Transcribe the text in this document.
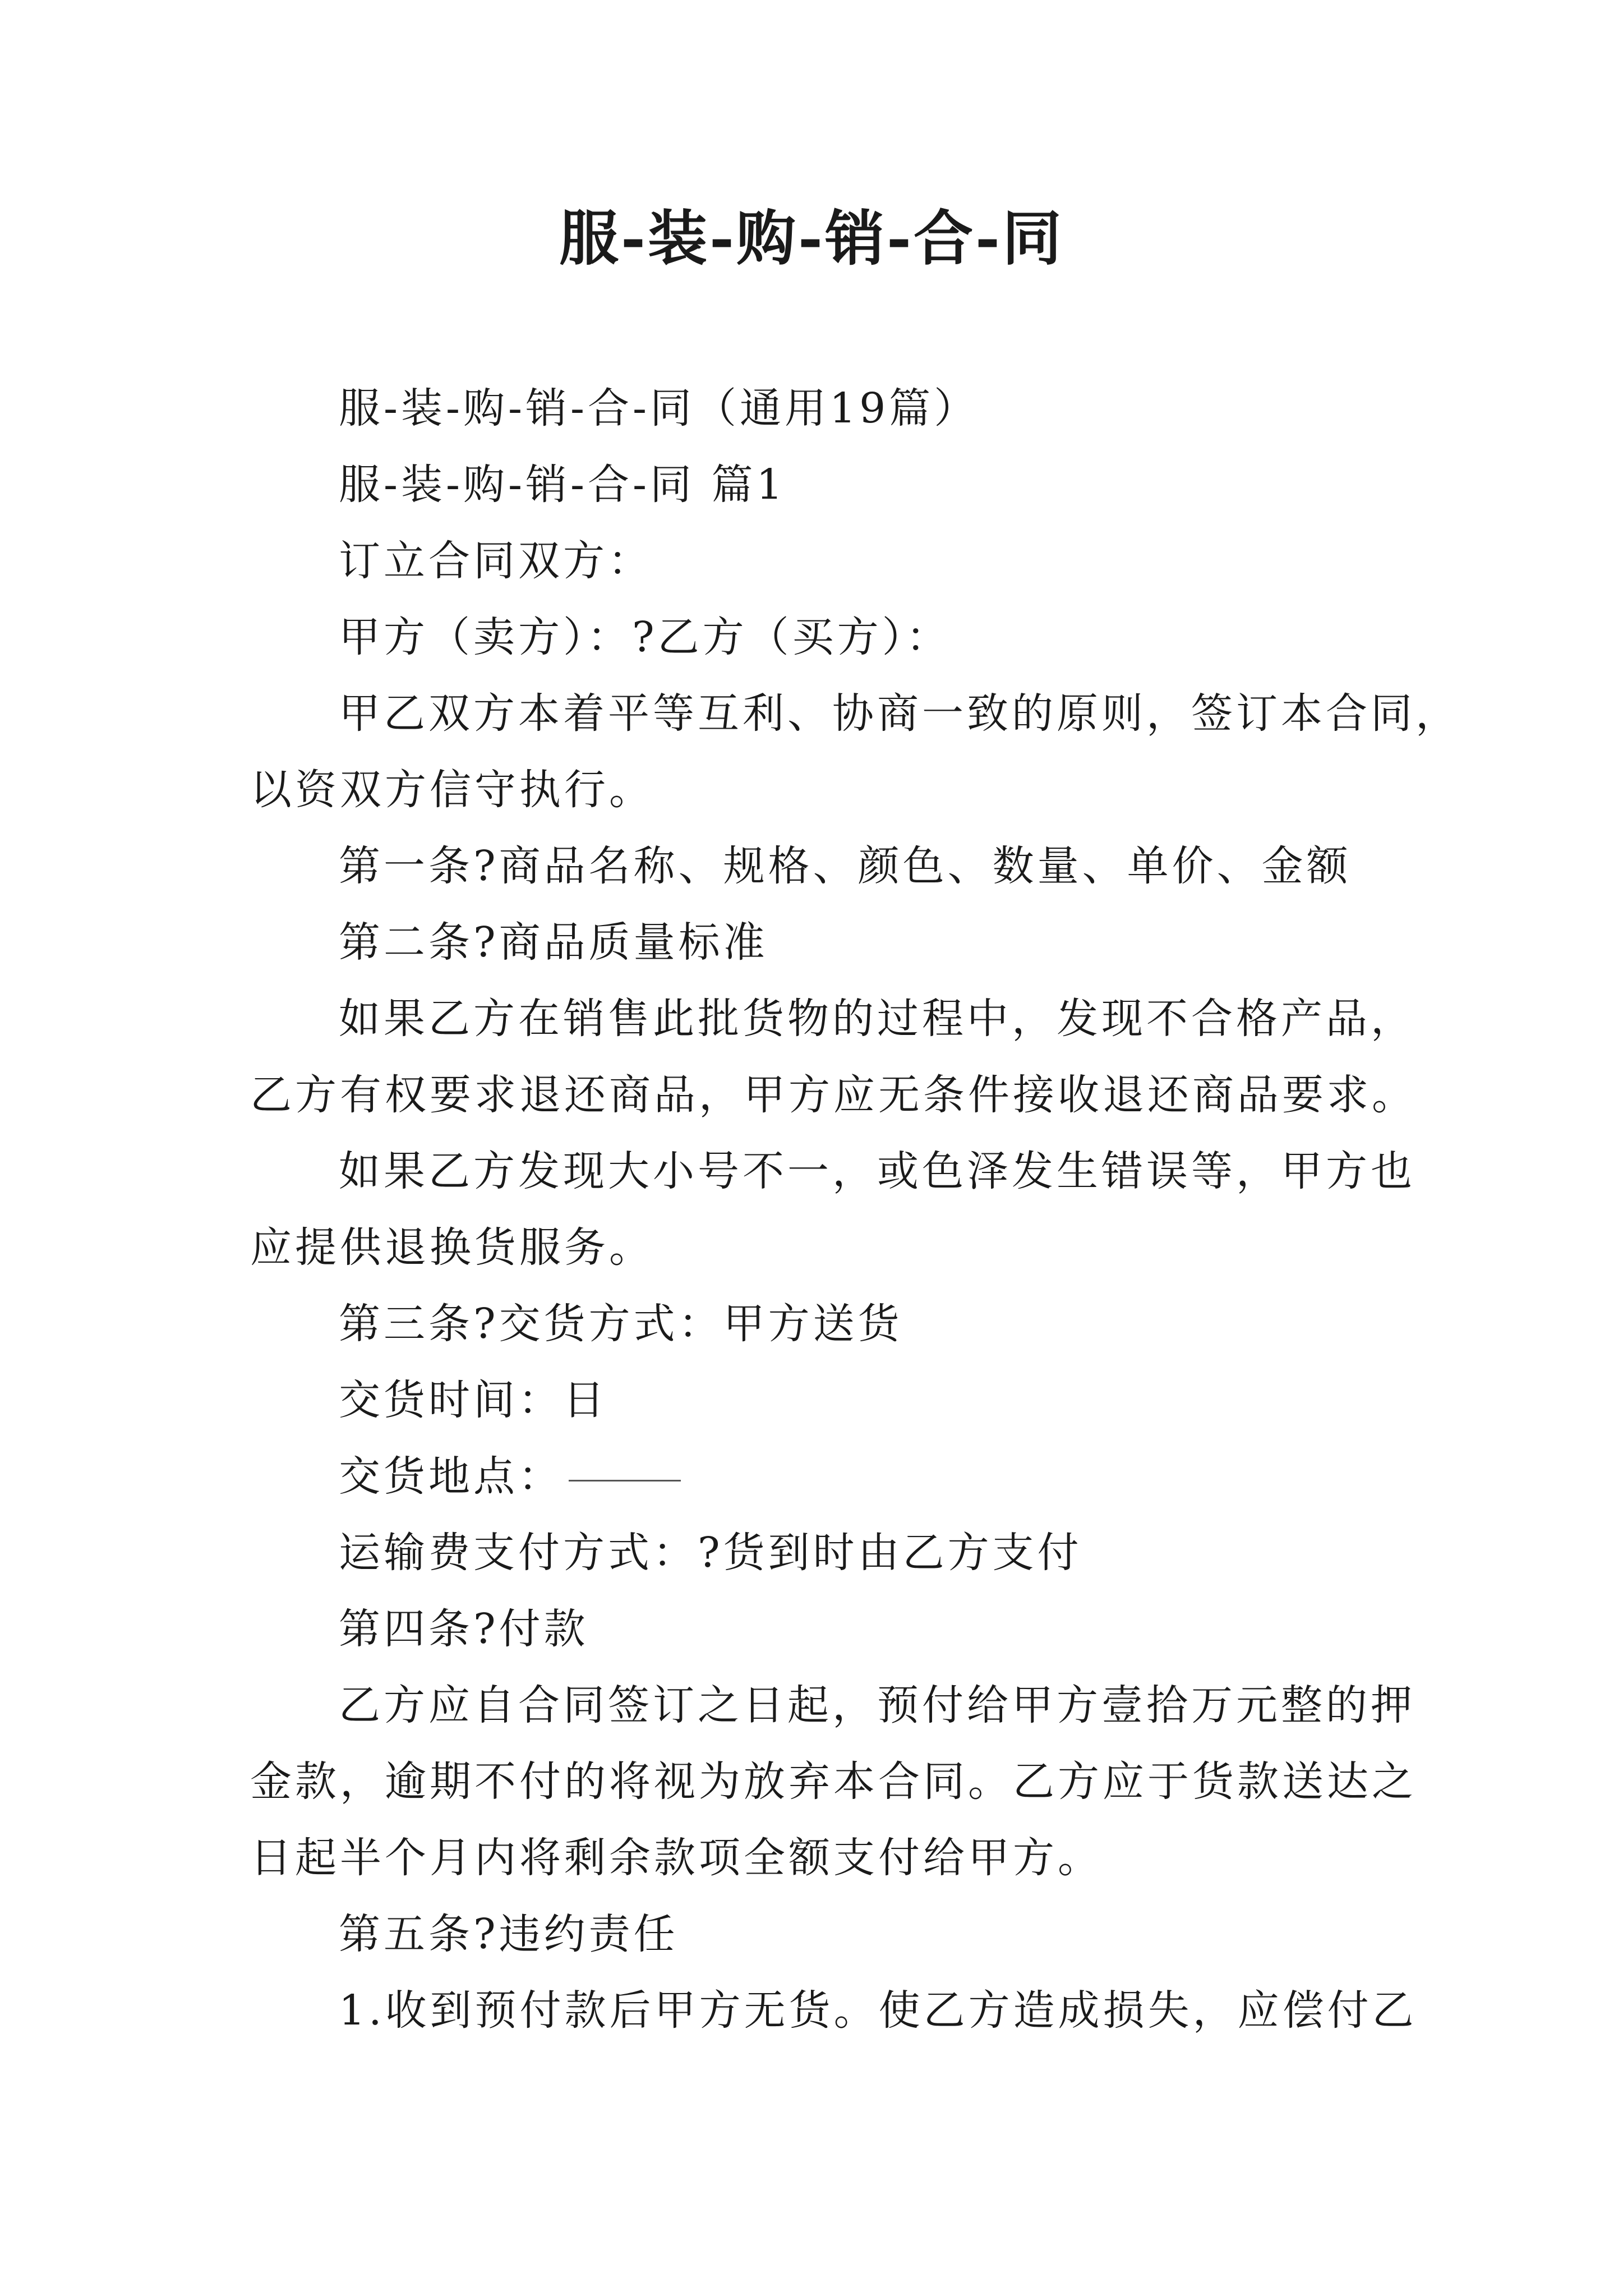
服-装-购-销-合-同
服-装-购-销-合-同（通用19篇）
服-装-购-销-合-同 篇1
订立合同双方：
甲方（卖方）：?乙方（买方）：
甲乙双方本着平等互利、协商一致的原则，签订本合同，
以资双方信守执行。
第一条?商品名称、规格、颜色、数量、单价、金额
第二条?商品质量标准
如果乙方在销售此批货物的过程中，发现不合格产品，
乙方有权要求退还商品，甲方应无条件接收退还商品要求。
如果乙方发现大小号不一，或色泽发生错误等，甲方也
应提供退换货服务。
第三条?交货方式：甲方送货
交货时间：日
交货地点：
运输费支付方式：?货到时由乙方支付
第四条?付款
乙方应自合同签订之日起，预付给甲方壹拾万元整的押
金款，逾期不付的将视为放弃本合同。乙方应于货款送达之
日起半个月内将剩余款项全额支付给甲方。
第五条?违约责任
1.收到预付款后甲方无货。使乙方造成损失，应偿付乙
